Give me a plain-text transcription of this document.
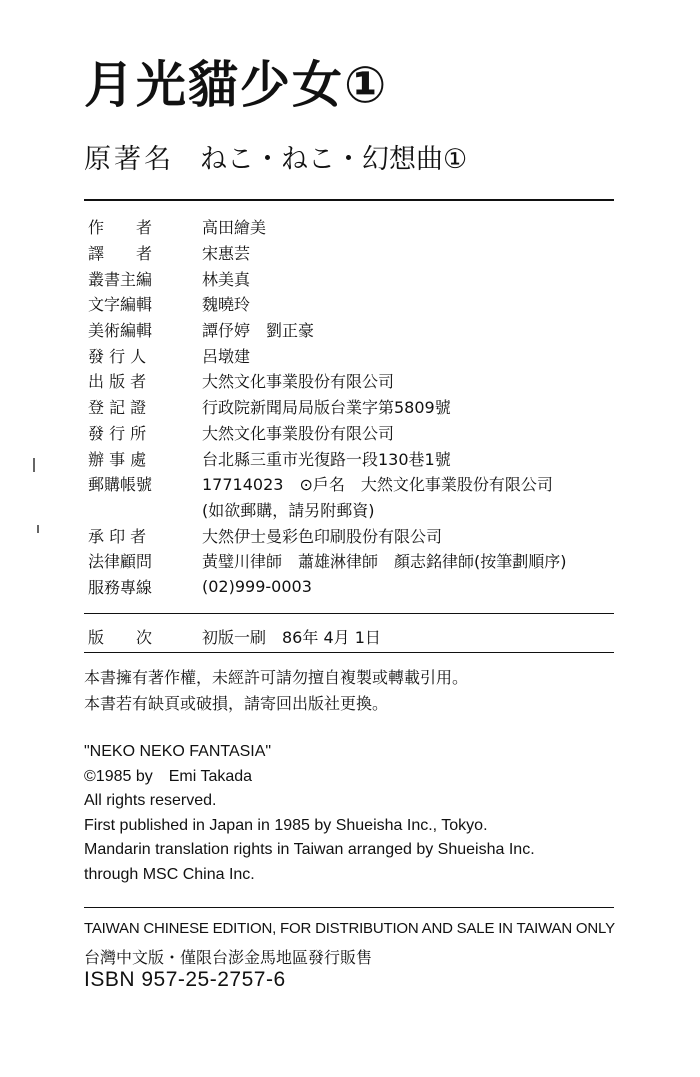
月光貓少女①
原著名 ねこ・ねこ・幻想曲①
作　　者	高田繪美
譯　　者	宋惠芸
叢書主編	林美真
文字編輯	魏曉玲
美術編輯	譚伃婷　劉正豪
發 行 人	呂墩建
出 版 者	大然文化事業股份有限公司
登 記 證	行政院新聞局局版台業字第5809號
發 行 所	大然文化事業股份有限公司
辦 事 處	台北縣三重市光復路一段130巷1號
郵購帳號	17714023　⊙戶名　大然文化事業股份有限公司
(如欲郵購，請另附郵資)
承 印 者	大然伊士曼彩色印刷股份有限公司
法律顧問	黃璧川律師　蕭雄淋律師　顏志銘律師(按筆劃順序)
服務專線	(02)999-0003
版　　次	初版一刷　86年 4月 1日
本書擁有著作權，未經許可請勿擅自複製或轉載引用。
本書若有缺頁或破損，請寄回出版社更換。
"NEKO NEKO FANTASIA"
©1985 by　Emi Takada
All rights reserved.
First published in Japan in 1985 by Shueisha Inc., Tokyo.
Mandarin translation rights in Taiwan arranged by Shueisha Inc.
through MSC China Inc.
TAIWAN CHINESE EDITION, FOR DISTRIBUTION AND SALE IN TAIWAN ONLY
台灣中文版・僅限台澎金馬地區發行販售
ISBN 957-25-2757-6
